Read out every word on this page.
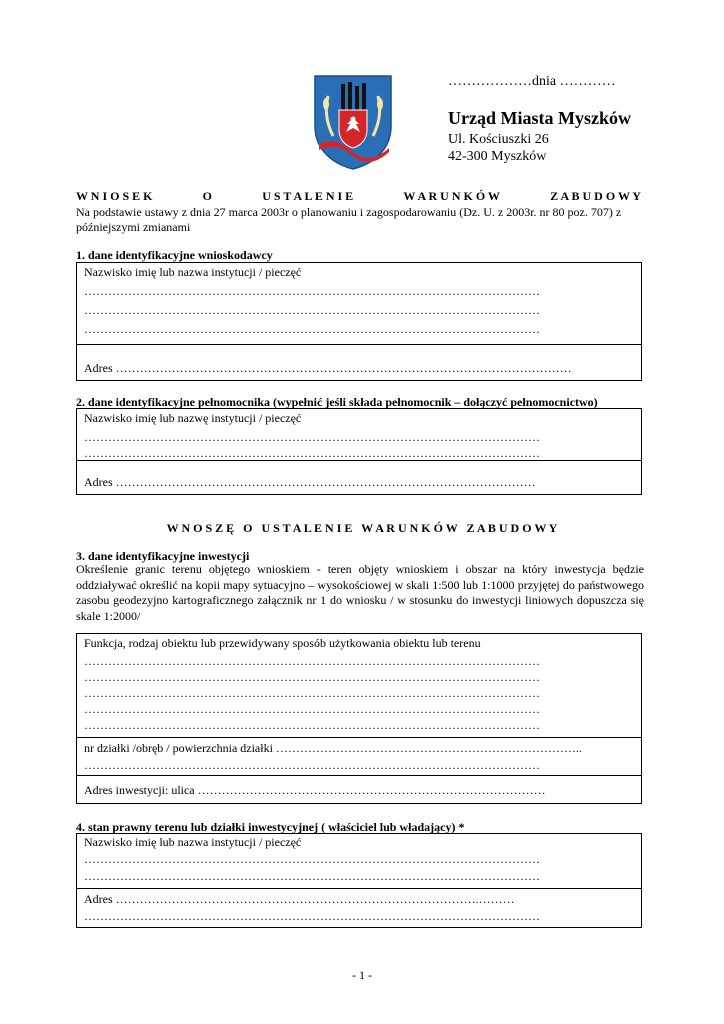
………………dnia …………
Urząd Miasta Myszków
Ul. Kościuszki 26
42-300 Myszków
W N I O S E K	O	U S T A L E N I E	W A R U N K Ó W	Z A B U D O W Y
Na podstawie ustawy z dnia 27 marca 2003r o planowaniu i zagospodarowaniu (Dz. U. z 2003r. nr 80 poz. 707) z późniejszymi zmianami
1. dane identyfikacyjne wnioskodawcy
Nazwisko imię lub nazwa instytucji / pieczęć
……………………………………………………………………………………………………
……………………………………………………………………………………………………
……………………………………………………………………………………………………
Adres ……………………………………………………………………………………………………
2. dane identyfikacyjne pełnomocnika (wypełnić jeśli składa pełnomocnik – dołączyć pełnomocnictwo)
Nazwisko imię lub nazwę instytucji / pieczęć
……………………………………………………………………………………………………
……………………………………………………………………………………………………
Adres ……………………………………………………………………………………………
W N O S Z Ę   O   U S T A L E N I E   W A R U N K Ó W   Z A B U D O W Y
3. dane identyfikacyjne inwestycji
Określenie granic terenu objętego wnioskiem - teren objęty wnioskiem i obszar na który inwestycja będzie oddziaływać określić na kopii mapy sytuacyjno – wysokościowej w skali 1:500 lub 1:1000 przyjętej do państwowego zasobu geodezyjno kartograficznego załącznik nr 1 do wniosku / w stosunku do inwestycji liniowych dopuszcza się skale 1:2000/
Funkcja, rodzaj obiektu lub przewidywany sposób użytkowania obiektu lub terenu
……………………………………………………………………………………………………
……………………………………………………………………………………………………
……………………………………………………………………………………………………
……………………………………………………………………………………………………
……………………………………………………………………………………………………
nr działki /obręb / powierzchnia działki …………………………………………………………………..
……………………………………………………………………………………………………
Adres inwestycji: ulica ……………………………………………………………………………
4. stan prawny terenu lub działki inwestycyjnej ( właściciel lub władający) *
Nazwisko imię lub nazwa instytucji / pieczęć
……………………………………………………………………………………………………
……………………………………………………………………………………………………
Adres ……………………………………………………………………………….………
……………………………………………………………………………………………………
- 1 -
